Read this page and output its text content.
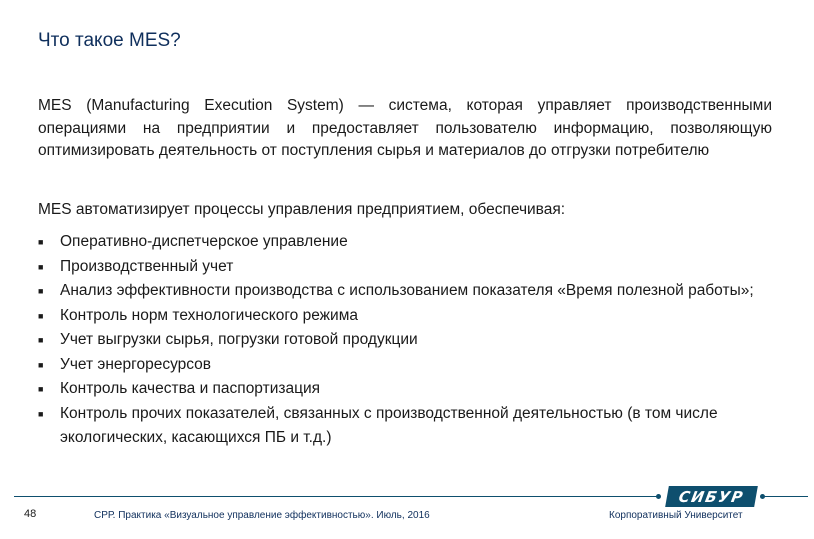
Что такое MES?

MES (Manufacturing Execution System) — система, которая управляет производственными операциями на предприятии и предоставляет пользователю информацию, позволяющую оптимизировать деятельность от поступления сырья и материалов до отгрузки потребителю

MES автоматизирует процессы управления предприятием, обеспечивая:
■	Оперативно-диспетчерское управление
■	Производственный учет
■	Анализ эффективности производства с использованием показателя «Время полезной работы»;
■	Контроль норм технологического режима
■	Учет выгрузки сырья, погрузки готовой продукции
■	Учет энергоресурсов
■	Контроль качества и паспортизация
■	Контроль прочих показателей, связанных с производственной деятельностью (в том числе экологических, касающихся ПБ и т.д.)
СИБУР
48	СРР. Практика «Визуальное управление эффективностью». Июль, 2016	Корпоративный Университет
